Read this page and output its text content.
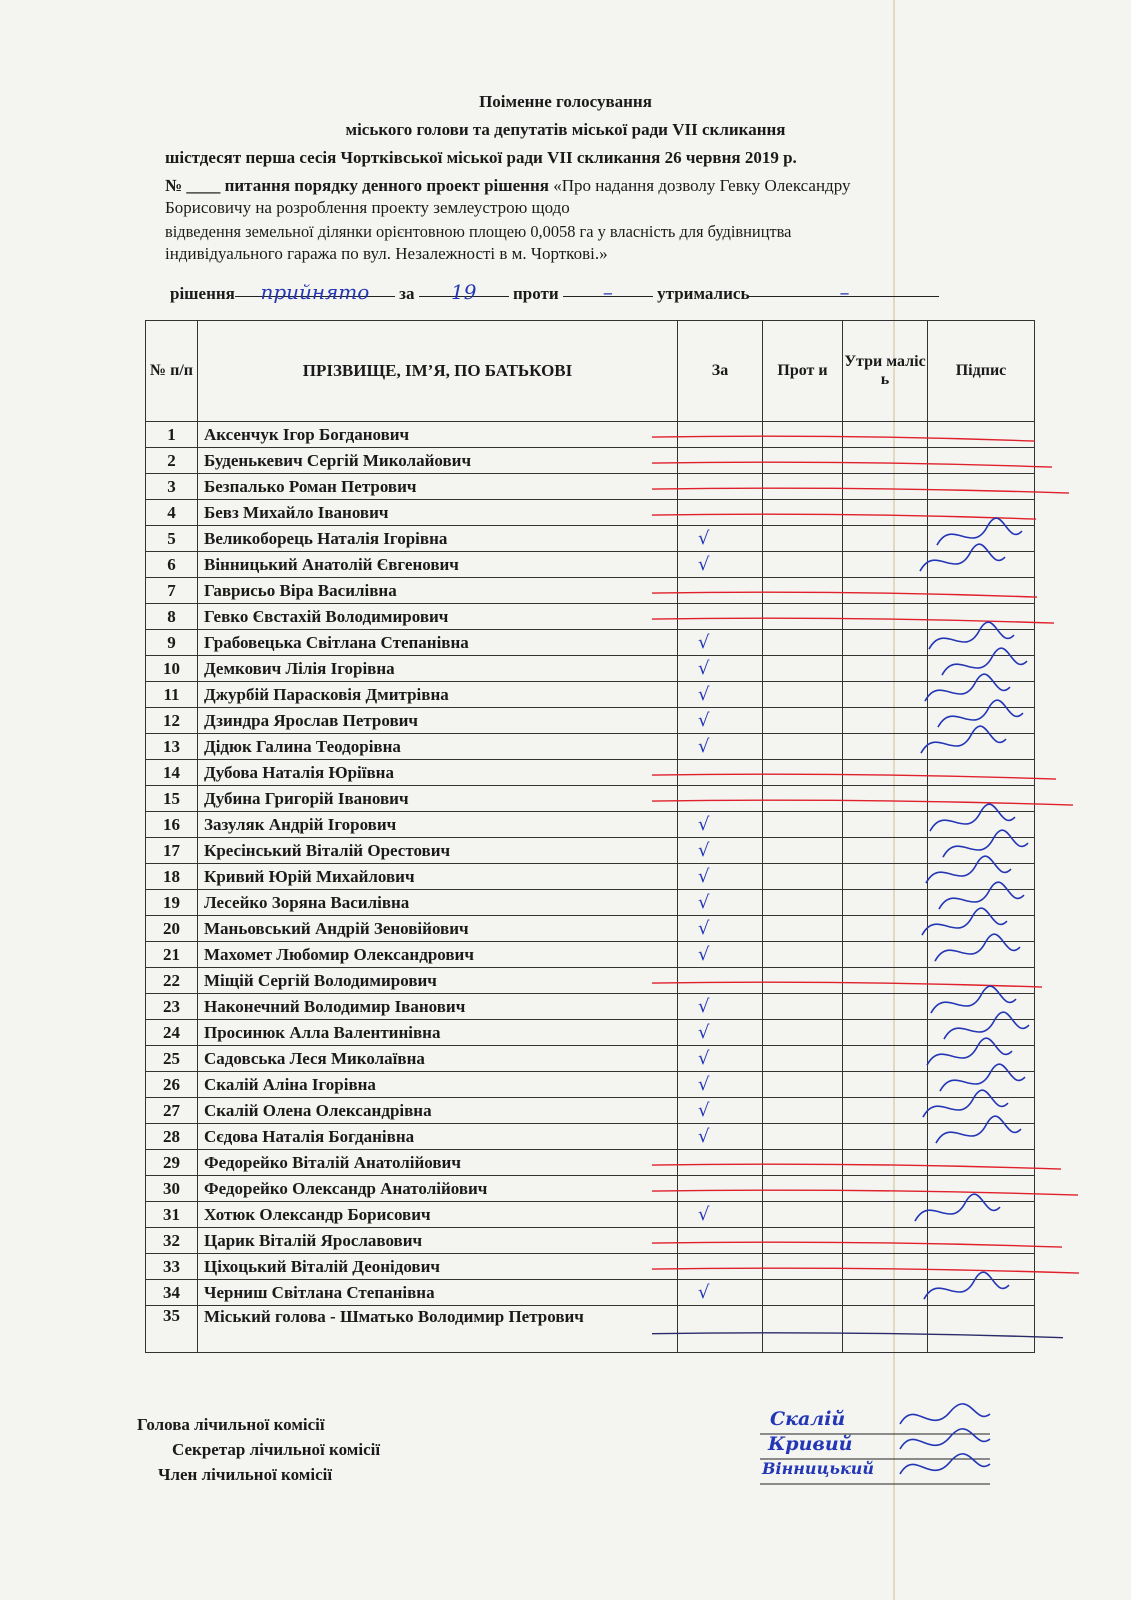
Поіменне голосування
міського голови та депутатів міської ради VІІ скликання
шістдесят перша сесія Чортківської міської ради VІІ скликання 26 червня 2019 р.
№ ____ питання порядку денного проект рішення «Про надання дозволу Гевку Олександру
Борисовичу на розроблення проекту землеустрою щодо
відведення земельної ділянки орієнтовною площею 0,0058 га у власність для будівництва
індивідуального гаража по вул. Незалежності в м. Чорткові.»
рішення прийнято за 19 проти –	утримались	–
№ п/п	ПРІЗВИЩЕ, ІМ’Я, ПО БАТЬКОВІ	За	Прот и	Утри маліс ь	Підпис
1	Аксенчук Ігор Богданович				
2	Буденькевич Сергій Миколайович				
3	Безпалько Роман Петрович				
4	Бевз Михайло Іванович				
5	Великоборець Наталія Ігорівна	√			
6	Вінницький Анатолій Євгенович	√			
7	Гаврисьо Віра Василівна				
8	Гевко Євстахій Володимирович				
9	Грабовецька Світлана Степанівна	√			
10	Демкович Лілія Ігорівна	√			
11	Джурбій Парасковія Дмитрівна	√			
12	Дзиндра Ярослав Петрович	√			
13	Дідюк Галина Теодорівна	√			
14	Дубова Наталія Юріївна				
15	Дубина Григорій Іванович				
16	Зазуляк Андрій Ігорович	√			
17	Кресінський Віталій Орестович	√			
18	Кривий Юрій Михайлович	√			
19	Лесейко Зоряна Василівна	√			
20	Маньовський Андрій Зеновійович	√			
21	Махомет Любомир Олександрович	√			
22	Міщій Сергій Володимирович				
23	Наконечний Володимир Іванович	√			
24	Просинюк Алла Валентинівна	√			
25	Садовська Леся Миколаївна	√			
26	Скалій Аліна Ігорівна	√			
27	Скалій Олена Олександрівна	√			
28	Сєдова Наталія Богданівна	√			
29	Федорейко Віталій Анатолійович				
30	Федорейко Олександр Анатолійович				
31	Хотюк Олександр Борисович	√			
32	Царик Віталій Ярославович				
33	Ціхоцький Віталій Деонідович				
34	Черниш Світлана Степанівна	√			
35	Міський голова - Шматько Володимир Петрович				
Голова лічильної комісії
Секретар лічильної комісії
Член лічильної комісії
Скалій
Кривий
Вінницький
